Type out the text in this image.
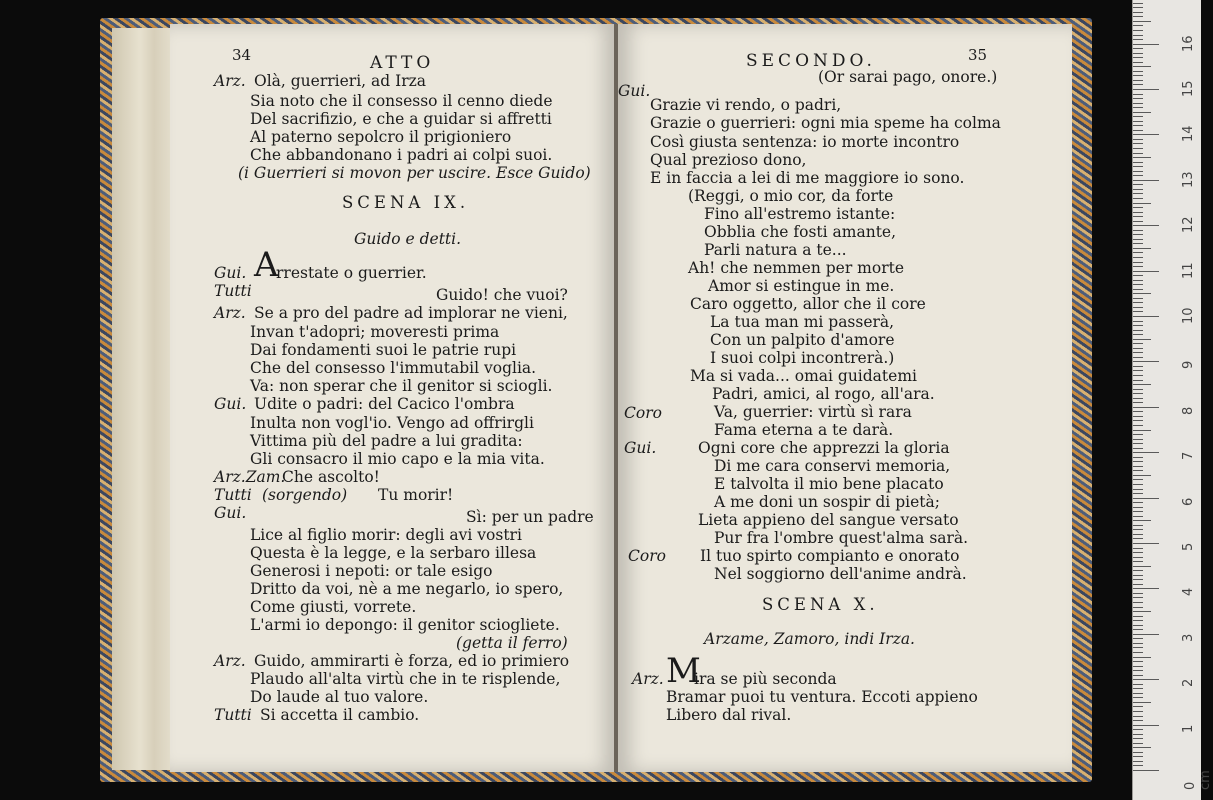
34	ATTO
Arz. Olà, guerrieri, ad Irza
Sia noto che il consesso il cenno diede
Del sacrifizio, e che a guidar si affretti
Al paterno sepolcro il prigioniero
Che abbandonano i padri ai colpi suoi.
(i Guerrieri si movon per uscire. Esce Guido)
SCENA IX.
Guido e detti.
Gui. A
rrestate o guerrier.
Tutti	Guido! che vuoi?
Arz. Se a pro del padre ad implorar ne vieni,
Invan t'adopri; moveresti prima
Dai fondamenti suoi le patrie rupi
Che del consesso l'immutabil voglia.
Va: non sperar che il genitor si sciogli.
Gui. Udite o padri: del Cacico l'ombra
Inulta non vogl'io. Vengo ad offrirgli
Vittima più del padre a lui gradita:
Gli consacro il mio capo e la mia vita.
Arz.Zam.
Che ascolto!
Tutti (sorgendo) Tu morir!
Gui.	Sì: per un padre
Lice al figlio morir: degli avi vostri
Questa è la legge, e la serbaro illesa
Generosi i nepoti: or tale esigo
Dritto da voi, nè a me negarlo, io spero,
Come giusti, vorrete.
L'armi io depongo: il genitor sciogliete.
(getta il ferro)
Arz. Guido, ammirarti è forza, ed io primiero
Plaudo all'alta virtù che in te risplende,
Do laude al tuo valore.
Tutti Si accetta il cambio.
SECONDO.	35
(Or sarai pago, onore.)
Gui.
Grazie vi rendo, o padri,
Grazie o guerrieri: ogni mia speme ha colma
Così giusta sentenza: io morte incontro
Qual prezioso dono,
E in faccia a lei di me maggiore io sono.
(Reggi, o mio cor, da forte
Fino all'estremo istante:
Obblia che fosti amante,
Parli natura a te...
Ah! che nemmen per morte
Amor si estingue in me.
Caro oggetto, allor che il core
La tua man mi passerà,
Con un palpito d'amore
I suoi colpi incontrerà.)
Ma si vada... omai guidatemi
Padri, amici, al rogo, all'ara.
Coro	Va, guerrier: virtù sì rara
Fama eterna a te darà.
Gui.	Ogni core che apprezzi la gloria
Di me cara conservi memoria,
E talvolta il mio bene placato
A me doni un sospir di pietà;
Lieta appieno del sangue versato
Pur fra l'ombre quest'alma sarà.
Coro Il tuo spirto compianto e onorato
Nel soggiorno dell'anime andrà.
SCENA X.
Arzame, Zamoro, indi Irza.
Arz. M
ira se più seconda
Bramar puoi tu ventura. Eccoti appieno
Libero dal rival.
0 cm
1
2
3
4
5
6
7
8
9
10
11
12
13
14
15
16
